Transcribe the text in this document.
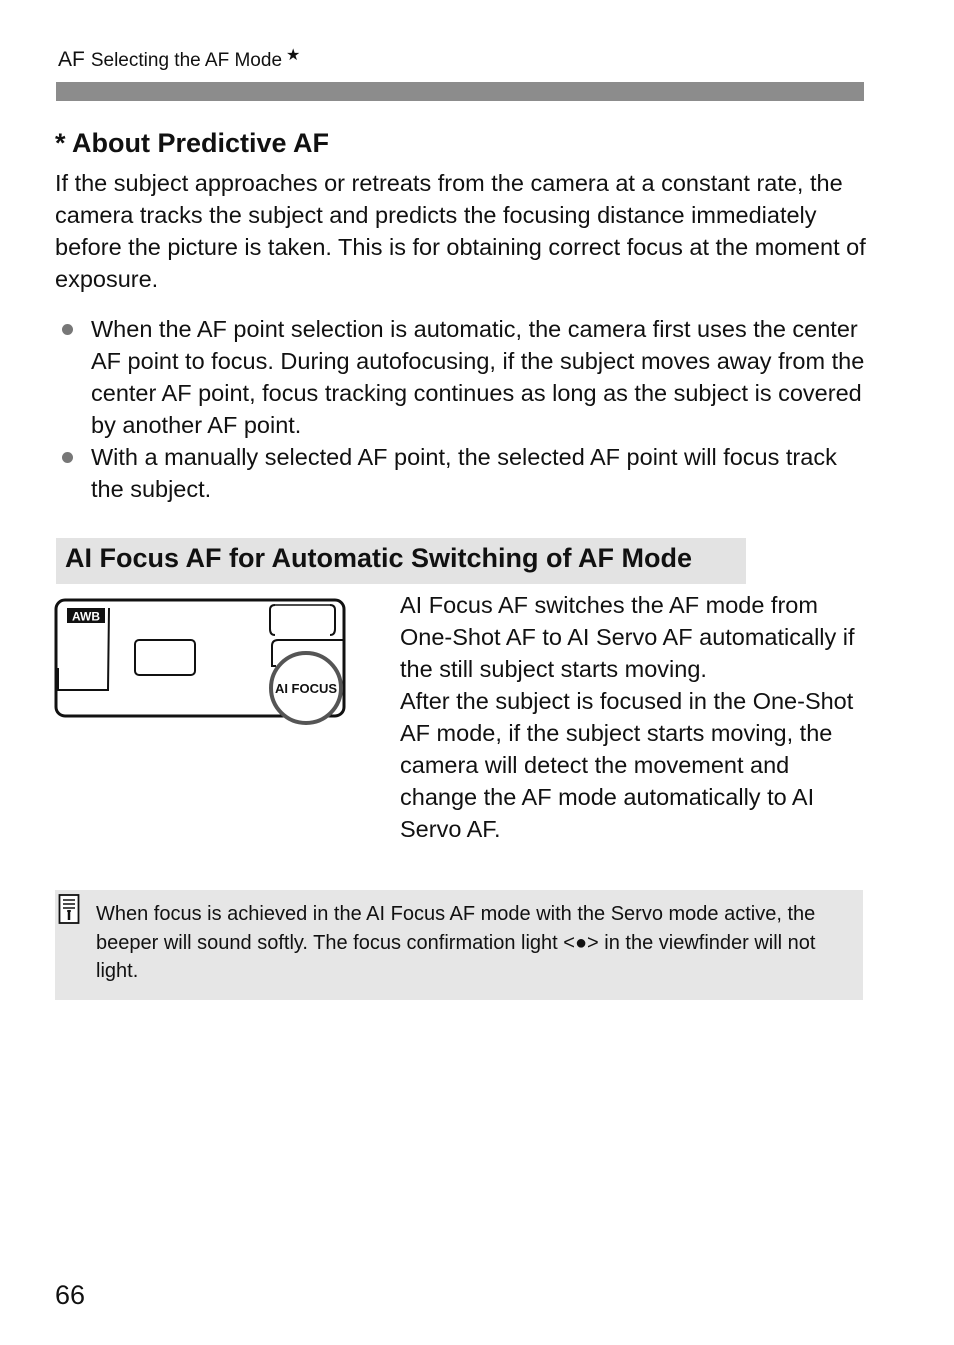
AF Selecting the AF Mode ★
* About Predictive AF

If the subject approaches or retreats from the camera at a constant rate, the camera tracks the subject and predicts the focusing distance immediately before the picture is taken. This is for obtaining correct focus at the moment of exposure.

When the AF point selection is automatic, the camera first uses the center AF point to focus. During autofocusing, if the subject moves away from the center AF point, focus tracking continues as long as the subject is covered by another AF point.
With a manually selected AF point, the selected AF point will focus track the subject.
AI Focus AF for Automatic Switching of AF Mode
AWB
AI FOCUS
AI Focus AF switches the AF mode from One-Shot AF to AI Servo AF automatically if the still subject starts moving.
After the subject is focused in the One-Shot AF mode, if the subject starts moving, the camera will detect the movement and change the AF mode automatically to AI Servo AF.

When focus is achieved in the AI Focus AF mode with the Servo mode active, the beeper will sound softly. The focus confirmation light <●> in the viewfinder will not light.

66
